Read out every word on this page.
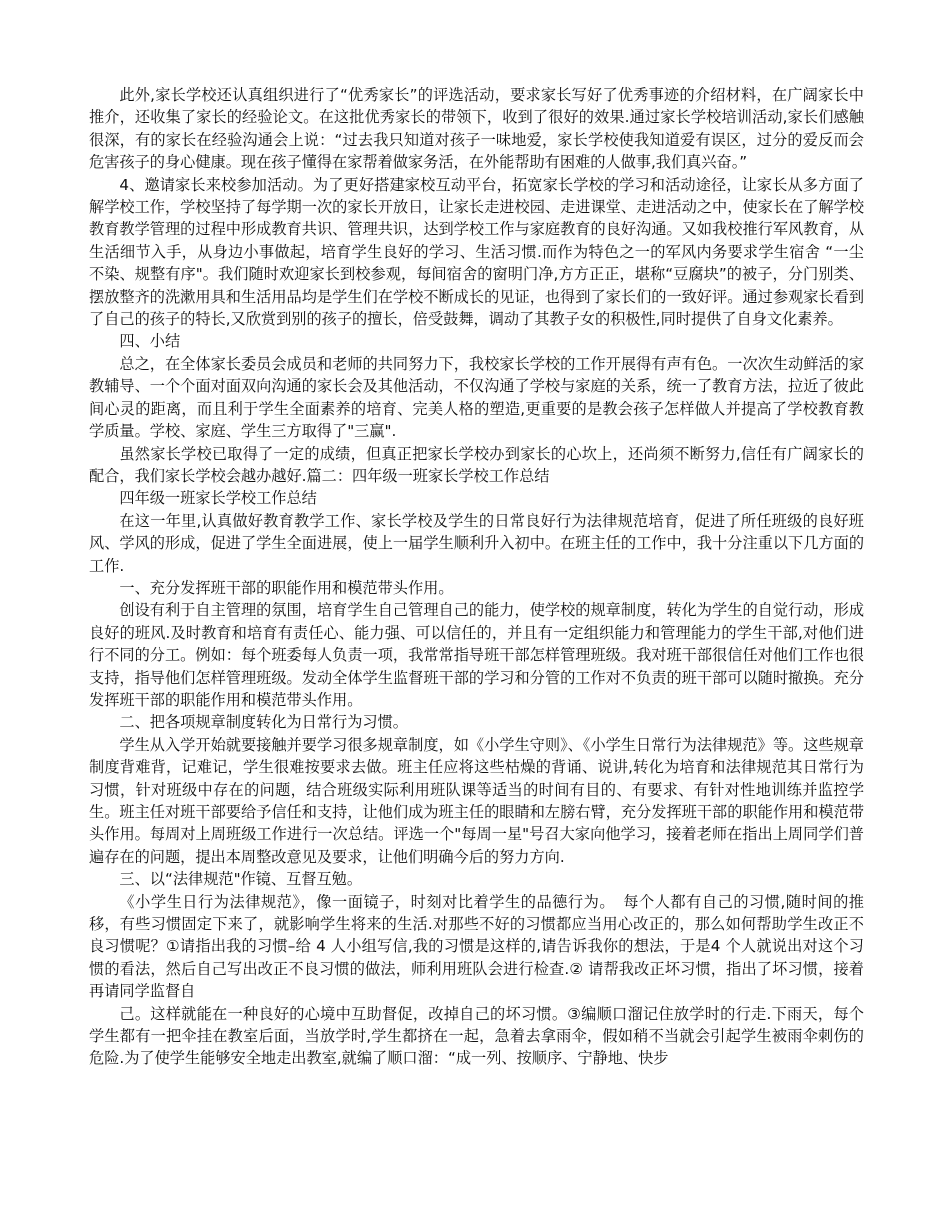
此外,家长学校还认真组织进行了“优秀家长”的评选活动，要求家长写好了优秀事迹的介绍材料，在广阔家长中推介，还收集了家长的经验论文。在这批优秀家长的带领下，收到了很好的效果.通过家长学校培训活动,家长们感触很深，有的家长在经验沟通会上说：“过去我只知道对孩子一味地爱，家长学校使我知道爱有误区，过分的爱反而会危害孩子的身心健康。现在孩子懂得在家帮着做家务活，在外能帮助有困难的人做事,我们真兴奋。”

4、邀请家长来校参加活动。为了更好搭建家校互动平台，拓宽家长学校的学习和活动途径，让家长从多方面了解学校工作，学校坚持了每学期一次的家长开放日，让家长走进校园、走进课堂、走进活动之中，使家长在了解学校教育教学管理的过程中形成教育共识、管理共识，达到学校工作与家庭教育的良好沟通。又如我校推行军风教育，从生活细节入手，从身边小事做起，培育学生良好的学习、生活习惯.而作为特色之一的军风内务要求学生宿舍 “一尘不染、规整有序"。我们随时欢迎家长到校参观，每间宿舍的窗明门净,方方正正，堪称“豆腐块”的被子，分门别类、摆放整齐的洗漱用具和生活用品均是学生们在学校不断成长的见证，也得到了家长们的一致好评。通过参观家长看到了自己的孩子的特长,又欣赏到别的孩子的擅长，倍受鼓舞，调动了其教子女的积极性,同时提供了自身文化素养。

四、小结

总之，在全体家长委员会成员和老师的共同努力下，我校家长学校的工作开展得有声有色。一次次生动鲜活的家教辅导、一个个面对面双向沟通的家长会及其他活动，不仅沟通了学校与家庭的关系，统一了教育方法，拉近了彼此间心灵的距离，而且利于学生全面素养的培育、完美人格的塑造,更重要的是教会孩子怎样做人并提高了学校教育教学质量。学校、家庭、学生三方取得了"三赢".

虽然家长学校已取得了一定的成绩，但真正把家长学校办到家长的心坎上，还尚须不断努力,信任有广阔家长的配合，我们家长学校会越办越好.篇二：四年级一班家长学校工作总结

四年级一班家长学校工作总结

在这一年里,认真做好教育教学工作、家长学校及学生的日常良好行为法律规范培育，促进了所任班级的良好班风、学风的形成，促进了学生全面进展，使上一届学生顺利升入初中。在班主任的工作中，我十分注重以下几方面的工作.

一、充分发挥班干部的职能作用和模范带头作用。

创设有利于自主管理的氛围，培育学生自己管理自己的能力，使学校的规章制度，转化为学生的自觉行动，形成良好的班风.及时教育和培育有责任心、能力强、可以信任的，并且有一定组织能力和管理能力的学生干部,对他们进行不同的分工。例如：每个班委每人负责一项，我常常指导班干部怎样管理班级。我对班干部很信任对他们工作也很支持，指导他们怎样管理班级。发动全体学生监督班干部的学习和分管的工作对不负责的班干部可以随时撤换。充分发挥班干部的职能作用和模范带头作用。

二、把各项规章制度转化为日常行为习惯。

学生从入学开始就要接触并要学习很多规章制度，如《小学生守则》、《小学生日常行为法律规范》等。这些规章制度背难背，记难记，学生很难按要求去做。班主任应将这些枯燥的背诵、说讲,转化为培育和法律规范其日常行为习惯，针对班级中存在的问题，结合班级实际利用班队课等适当的时间有目的、有要求、有针对性地训练并监控学生。班主任对班干部要给予信任和支持，让他们成为班主任的眼睛和左膀右臂，充分发挥班干部的职能作用和模范带头作用。每周对上周班级工作进行一次总结。评选一个"每周一星"号召大家向他学习，接着老师在指出上周同学们普遍存在的问题，提出本周整改意见及要求，让他们明确今后的努力方向.

三、以“法律规范"作镜、互督互勉。

《小学生日行为法律规范》，像一面镜子，时刻对比着学生的品德行为。　每个人都有自己的习惯,随时间的推移，有些习惯固定下来了，就影响学生将来的生活.对那些不好的习惯都应当用心改正的，那么如何帮助学生改正不良习惯呢？①请指出我的习惯–给 4 人小组写信,我的习惯是这样的,请告诉我你的想法，于是4 个人就说出对这个习惯的看法，然后自己写出改正不良习惯的做法，师利用班队会进行检查.② 请帮我改正坏习惯，指出了坏习惯，接着再请同学监督自

己。这样就能在一种良好的心境中互助督促，改掉自己的坏习惯。③编顺口溜记住放学时的行走.下雨天，每个学生都有一把伞挂在教室后面，当放学时,学生都挤在一起，急着去拿雨伞，假如稍不当就会引起学生被雨伞刺伤的危险.为了使学生能够安全地走出教室,就编了顺口溜：“成一列、按顺序、宁静地、快步
